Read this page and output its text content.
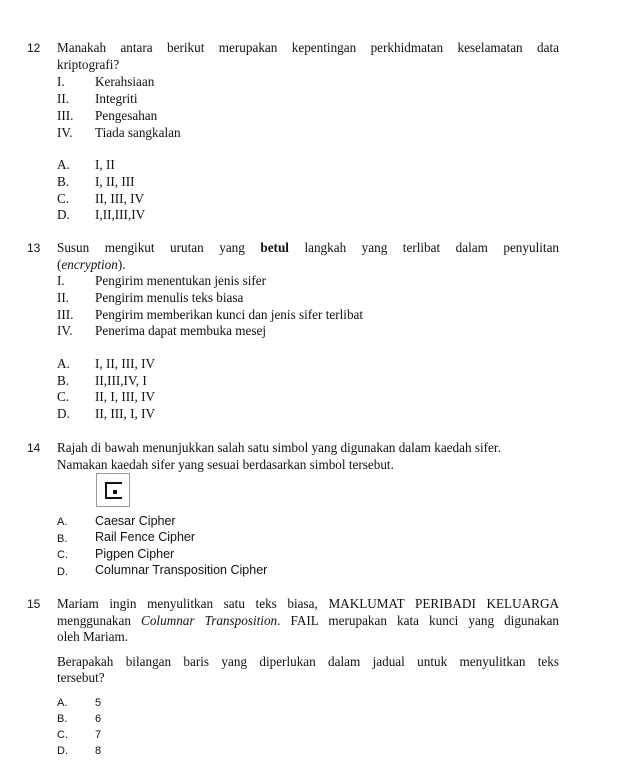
12 Manakah antara berikut merupakan kepentingan perkhidmatan keselamatan data
kriptografi?
I. Kerahsiaan
II. Integriti
III. Pengesahan
IV. Tiada sangkalan
A. I, II
B. I, II, III
C. II, III, IV
D. I,II,III,IV
13 Susun mengikut urutan yang betul langkah yang terlibat dalam penyulitan
(encryption).
I. Pengirim menentukan jenis sifer
II. Pengirim menulis teks biasa
III. Pengirim memberikan kunci dan jenis sifer terlibat
IV. Penerima dapat membuka mesej
A. I, II, III, IV
B. II,III,IV, I
C. II, I, III, IV
D. II, III, I, IV
14 Rajah di bawah menunjukkan salah satu simbol yang digunakan dalam kaedah sifer.
Namakan kaedah sifer yang sesuai berdasarkan simbol tersebut.
A. Caesar Cipher
B. Rail Fence Cipher
C. Pigpen Cipher
D. Columnar Transposition Cipher
15 Mariam ingin menyulitkan satu teks biasa, MAKLUMAT PERIBADI KELUARGA
menggunakan Columnar Transposition. FAIL merupakan kata kunci yang digunakan
oleh Mariam.
Berapakah bilangan baris yang diperlukan dalam jadual untuk menyulitkan teks
tersebut?
A.	5
B.	6
C. 7
D. 8
